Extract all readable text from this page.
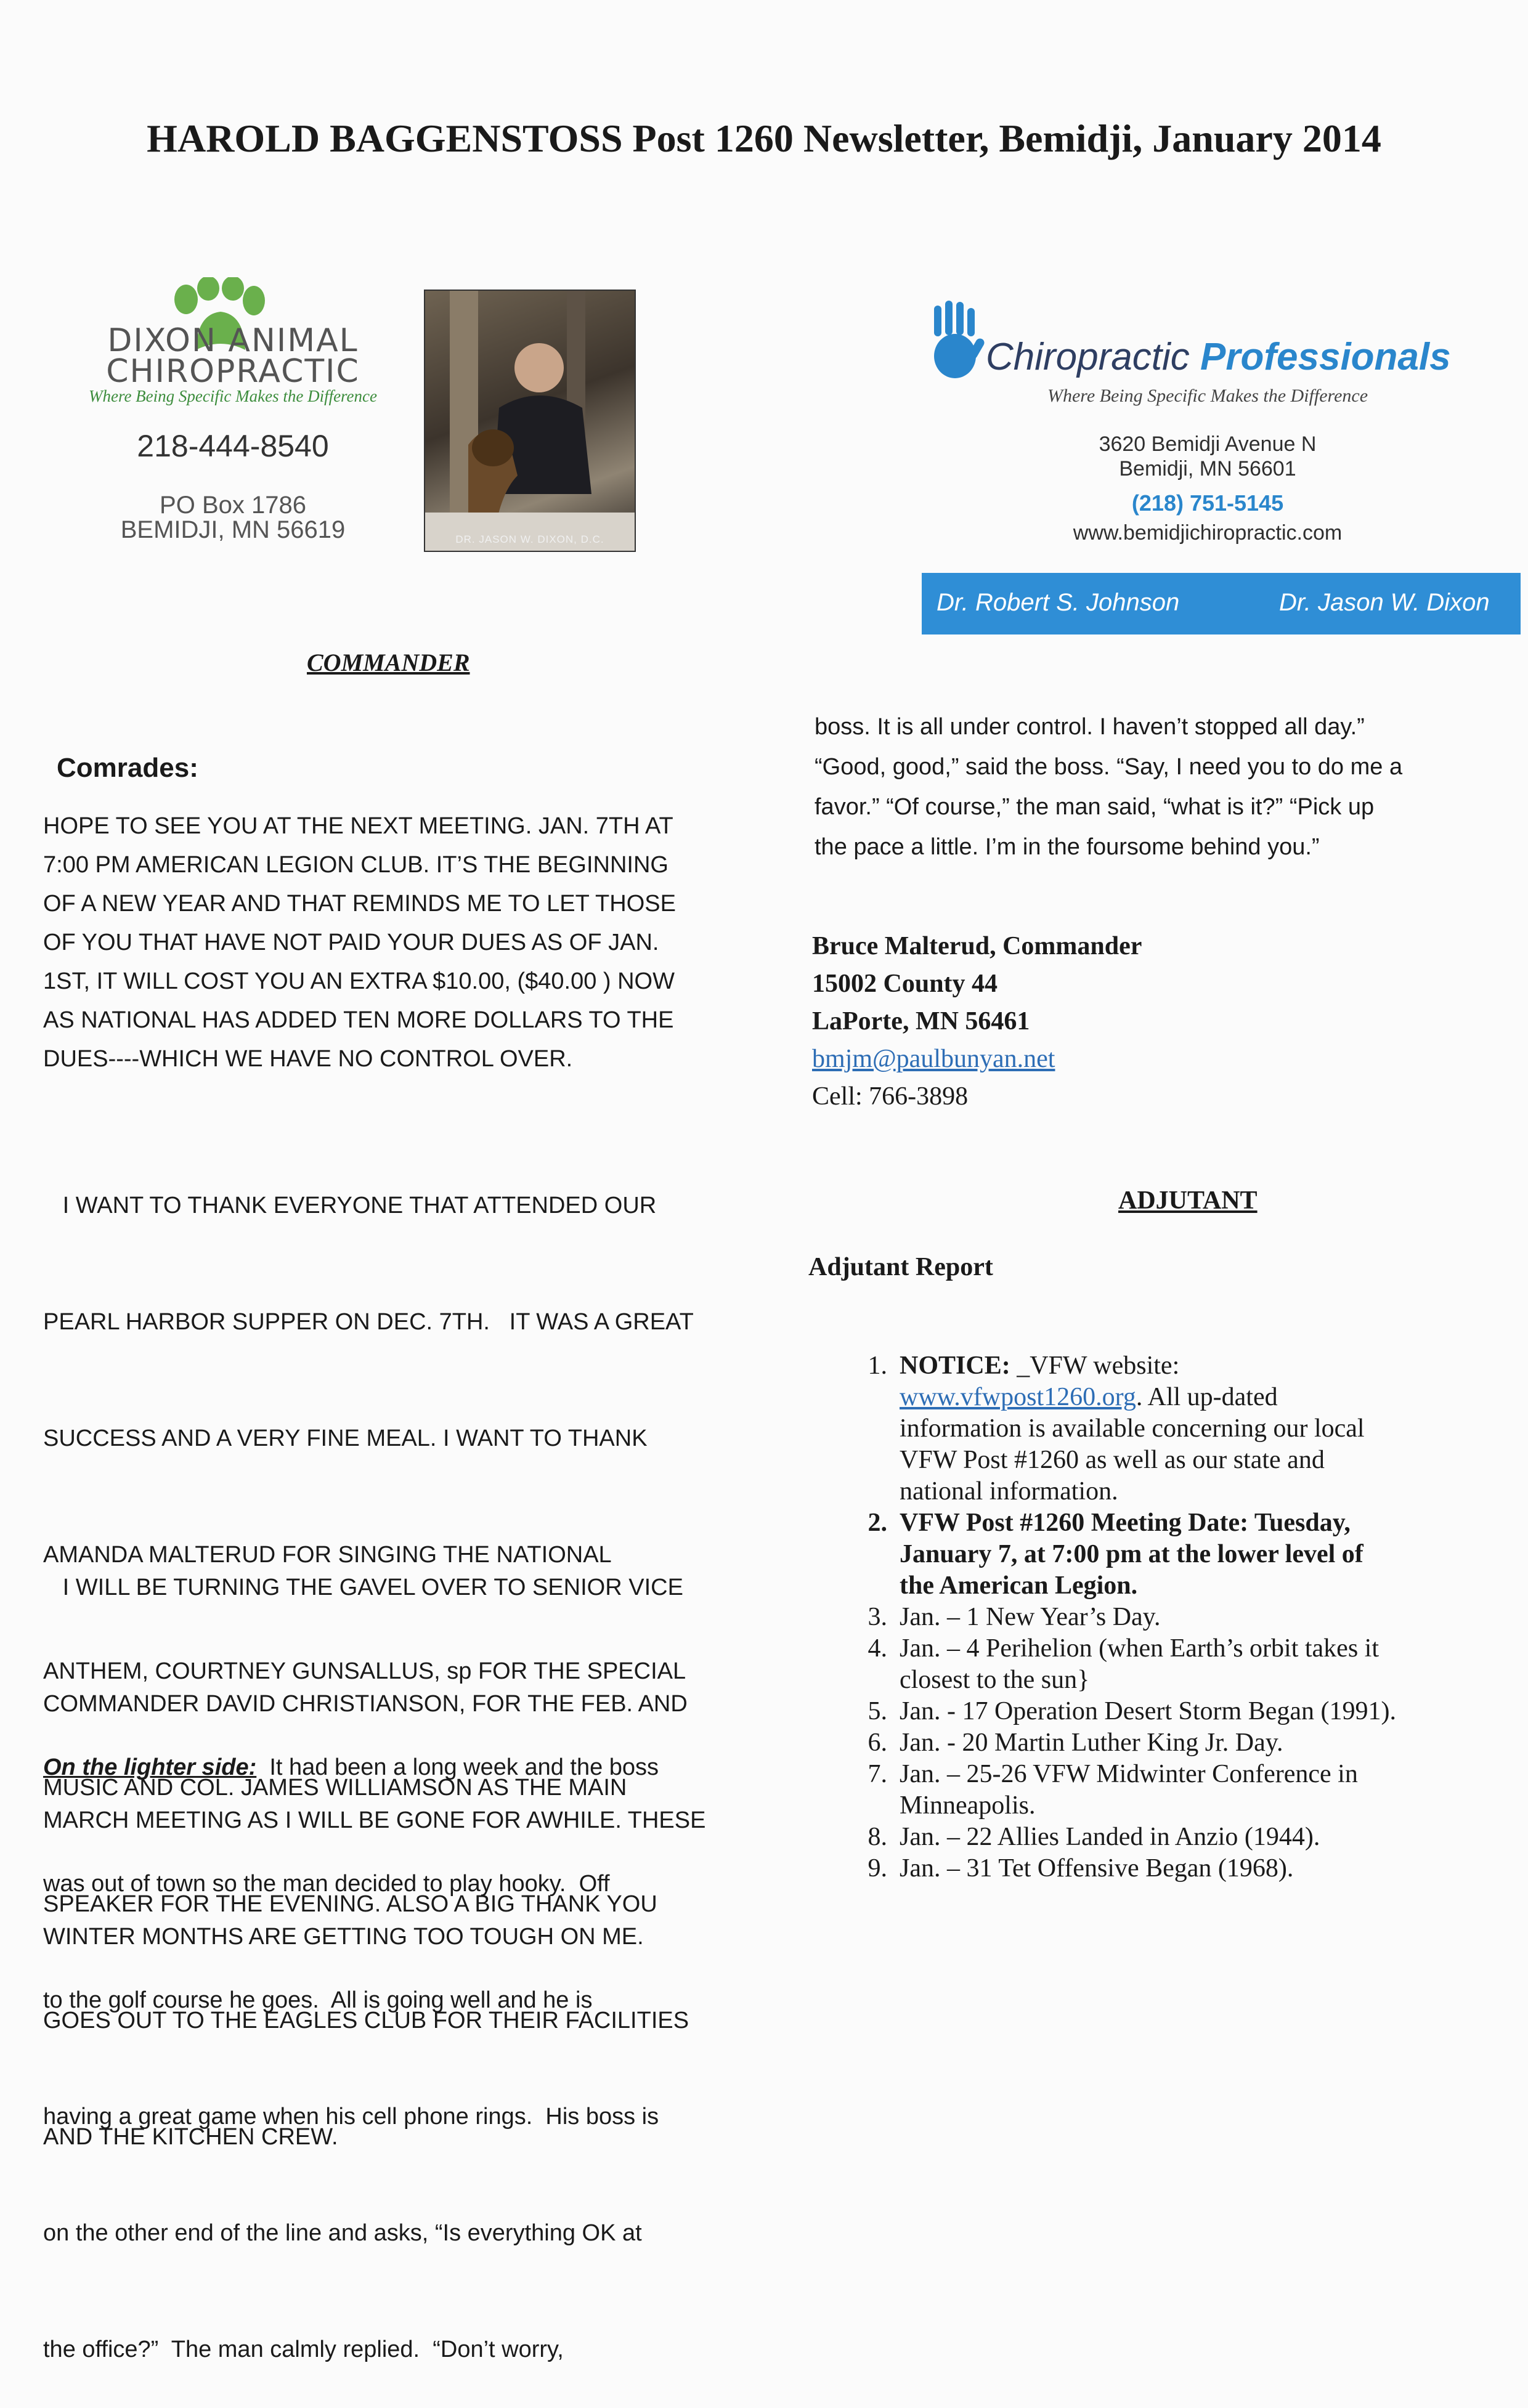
HAROLD BAGGENSTOSS Post 1260 Newsletter, Bemidji, January 2014
DIXON ANIMAL
CHIROPRACTIC
Where Being Specific Makes the Difference
218-444-8540
PO Box 1786
BEMIDJI, MN 56619	DR. JASON W. DIXON, D.C.
Chiropractic Professionals
Where Being Specific Makes the Difference
3620 Bemidji Avenue N
Bemidji, MN 56601
(218) 751-5145
www.bemidjichiropractic.com
Dr. Robert S. Johnson	Dr. Jason W. Dixon
COMMANDER
Comrades:
HOPE TO SEE YOU AT THE NEXT MEETING. JAN. 7TH AT
7:00 PM AMERICAN LEGION CLUB. IT’S THE BEGINNING
OF A NEW YEAR AND THAT REMINDS ME TO LET THOSE
OF YOU THAT HAVE NOT PAID YOUR DUES AS OF JAN.
1ST, IT WILL COST YOU AN EXTRA $10.00, ($40.00 ) NOW
AS NATIONAL HAS ADDED TEN MORE DOLLARS TO THE
DUES----WHICH WE HAVE NO CONTROL OVER.

I WANT TO THANK EVERYONE THAT ATTENDED OUR

PEARL HARBOR SUPPER ON DEC. 7TH.   IT WAS A GREAT

SUCCESS AND A VERY FINE MEAL. I WANT TO THANK

AMANDA MALTERUD FOR SINGING THE NATIONAL

ANTHEM, COURTNEY GUNSALLUS, sp FOR THE SPECIAL

MUSIC AND COL. JAMES WILLIAMSON AS THE MAIN

SPEAKER FOR THE EVENING. ALSO A BIG THANK YOU

GOES OUT TO THE EAGLES CLUB FOR THEIR FACILITIES

AND THE KITCHEN CREW.

I WILL BE TURNING THE GAVEL OVER TO SENIOR VICE

COMMANDER DAVID CHRISTIANSON, FOR THE FEB. AND

MARCH MEETING AS I WILL BE GONE FOR AWHILE. THESE

WINTER MONTHS ARE GETTING TOO TOUGH ON ME.

On the lighter side:  It had been a long week and the boss

was out of town so the man decided to play hooky.  Off

to the golf course he goes.  All is going well and he is

having a great game when his cell phone rings.  His boss is

on the other end of the line and asks, “Is everything OK at

the office?”  The man calmly replied.  “Don’t worry,

boss. It is all under control. I haven’t stopped all day.”
“Good, good,” said the boss. “Say, I need you to do me a
favor.” “Of course,” the man said, “what is it?” “Pick up
the pace a little. I’m in the foursome behind you.”
Bruce Malterud, Commander
15002 County 44
LaPorte, MN 56461
bmjm@paulbunyan.net
Cell: 766-3898
ADJUTANT
Adjutant Report
1. NOTICE: _VFW website:
www.vfwpost1260.org. All up-dated
information is available concerning our local
VFW Post #1260 as well as our state and
national information.
2. VFW Post #1260 Meeting Date: Tuesday,
January 7, at 7:00 pm at the lower level of
the American Legion.
3. Jan. – 1 New Year’s Day.
4. Jan. – 4 Perihelion (when Earth’s orbit takes it
closest to the sun}
5. Jan. - 17 Operation Desert Storm Began (1991).
6. Jan. - 20 Martin Luther King Jr. Day.
7. Jan. – 25-26 VFW Midwinter Conference in
Minneapolis.
8. Jan. – 22 Allies Landed in Anzio (1944).
9. Jan. – 31 Tet Offensive Began (1968).
